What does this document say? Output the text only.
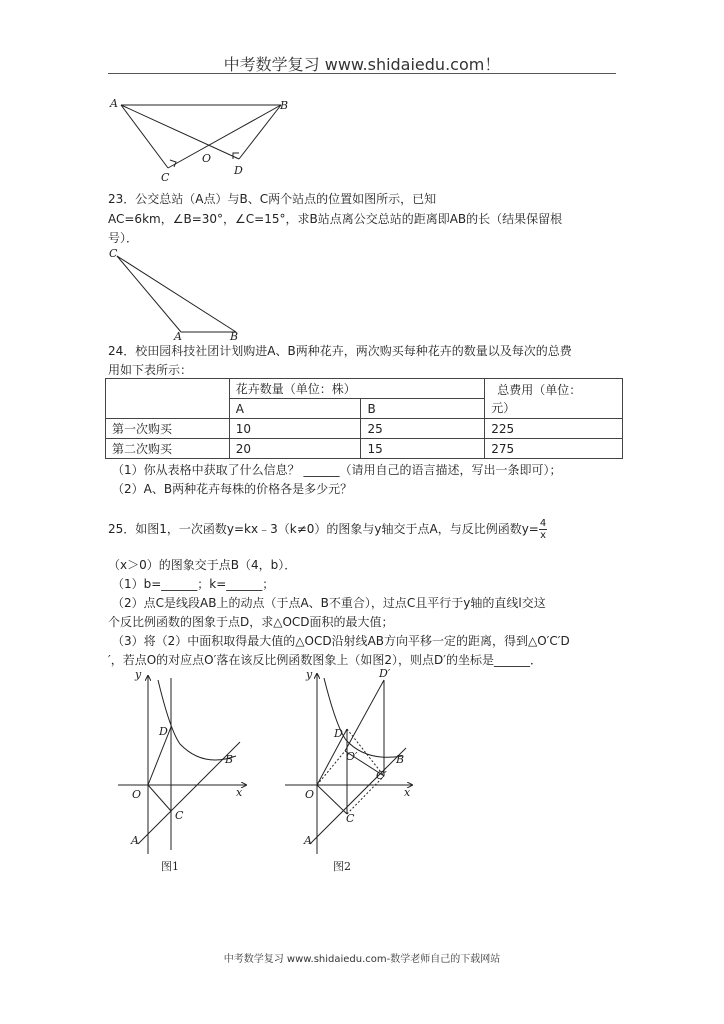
中考数学复习 www.shidaiedu.com！
A	B
C
D
O
23．公交总站（A点）与B、C两个站点的位置如图所示，已知
AC=6km，∠B=30°，∠C=15°，求B站点离公交总站的距离即AB的长（结果保留根
号）．
C
A	B
24．校田园科技社团计划购进A、B两种花卉，两次购买每种花卉的数量以及每次的总费
用如下表所示：
	花卉数量（单位：株）		总费用（单位：
元）
	A	B	
第一次购买	10	25	225
第二次购买	20	15	275
（1）你从表格中获取了什么信息？ ______（请用自己的语言描述，写出一条即可）；
（2）A、B两种花卉每株的价格各是多少元？
25．如图1，一次函数y=kx﹣3（k≠0）的图象与y轴交于点A，与反比例函数$y= \frac{4}{x}$
（x＞0）的图象交于点B（4，b）．
（1）b=______；k=______；
（2）点C是线段AB上的动点（于点A、B不重合），过点C且平行于y轴的直线l交这
个反比例函数的图象于点D，求△OCD面积的最大值；
（3）将（2）中面积取得最大值的△OCD沿射线AB方向平移一定的距离，得到△O′C′D
′，若点O的对应点O′落在该反比例函数图象上（如图2），则点D′的坐标是______．
y
x
D
B
O
C
A
图1
y
x
D′
D
O′
C′
B
O
C
A
图2
中考数学复习 www.shidaiedu.com-数学老师自己的下载网站
